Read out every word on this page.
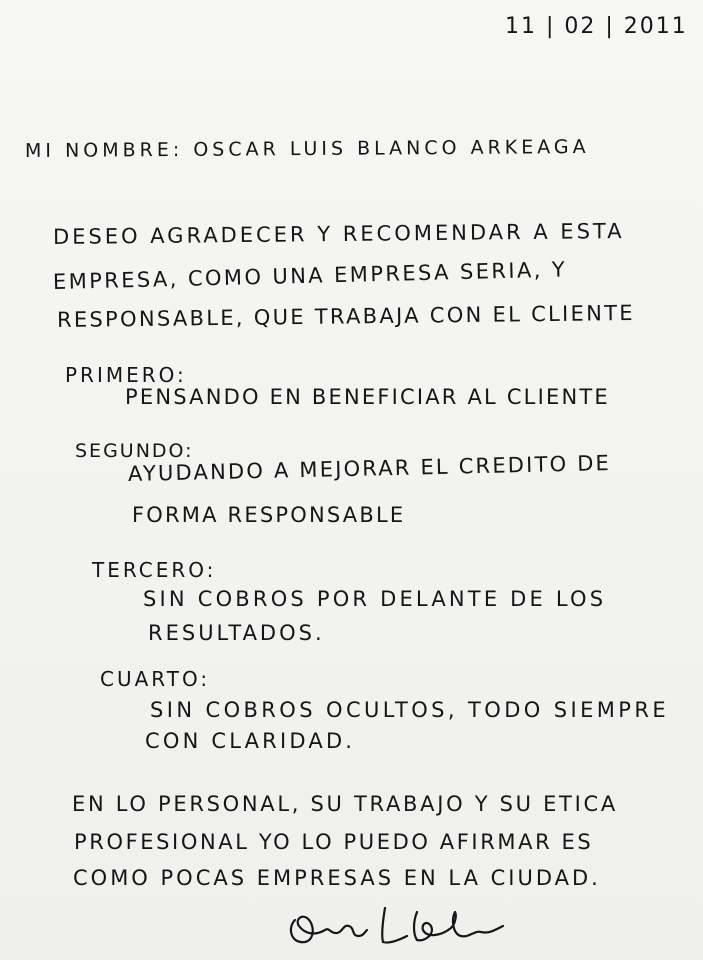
11 | 02 | 2011
MI NOMBRE: OSCAR LUIS BLANCO ARKEAGA
DESEO AGRADECER Y RECOMENDAR A ESTA
EMPRESA, COMO UNA EMPRESA SERIA, Y
RESPONSABLE, QUE TRABAJA CON EL CLIENTE
PRIMERO:
PENSANDO EN BENEFICIAR AL CLIENTE
SEGUNDO:
AYUDANDO A MEJORAR EL CREDITO DE
FORMA RESPONSABLE
TERCERO:
SIN COBROS POR DELANTE DE LOS
RESULTADOS.
CUARTO:
SIN COBROS OCULTOS, TODO SIEMPRE
CON CLARIDAD.
EN LO PERSONAL, SU TRABAJO Y SU ETICA
PROFESIONAL YO LO PUEDO AFIRMAR ES
COMO POCAS EMPRESAS EN LA CIUDAD.
